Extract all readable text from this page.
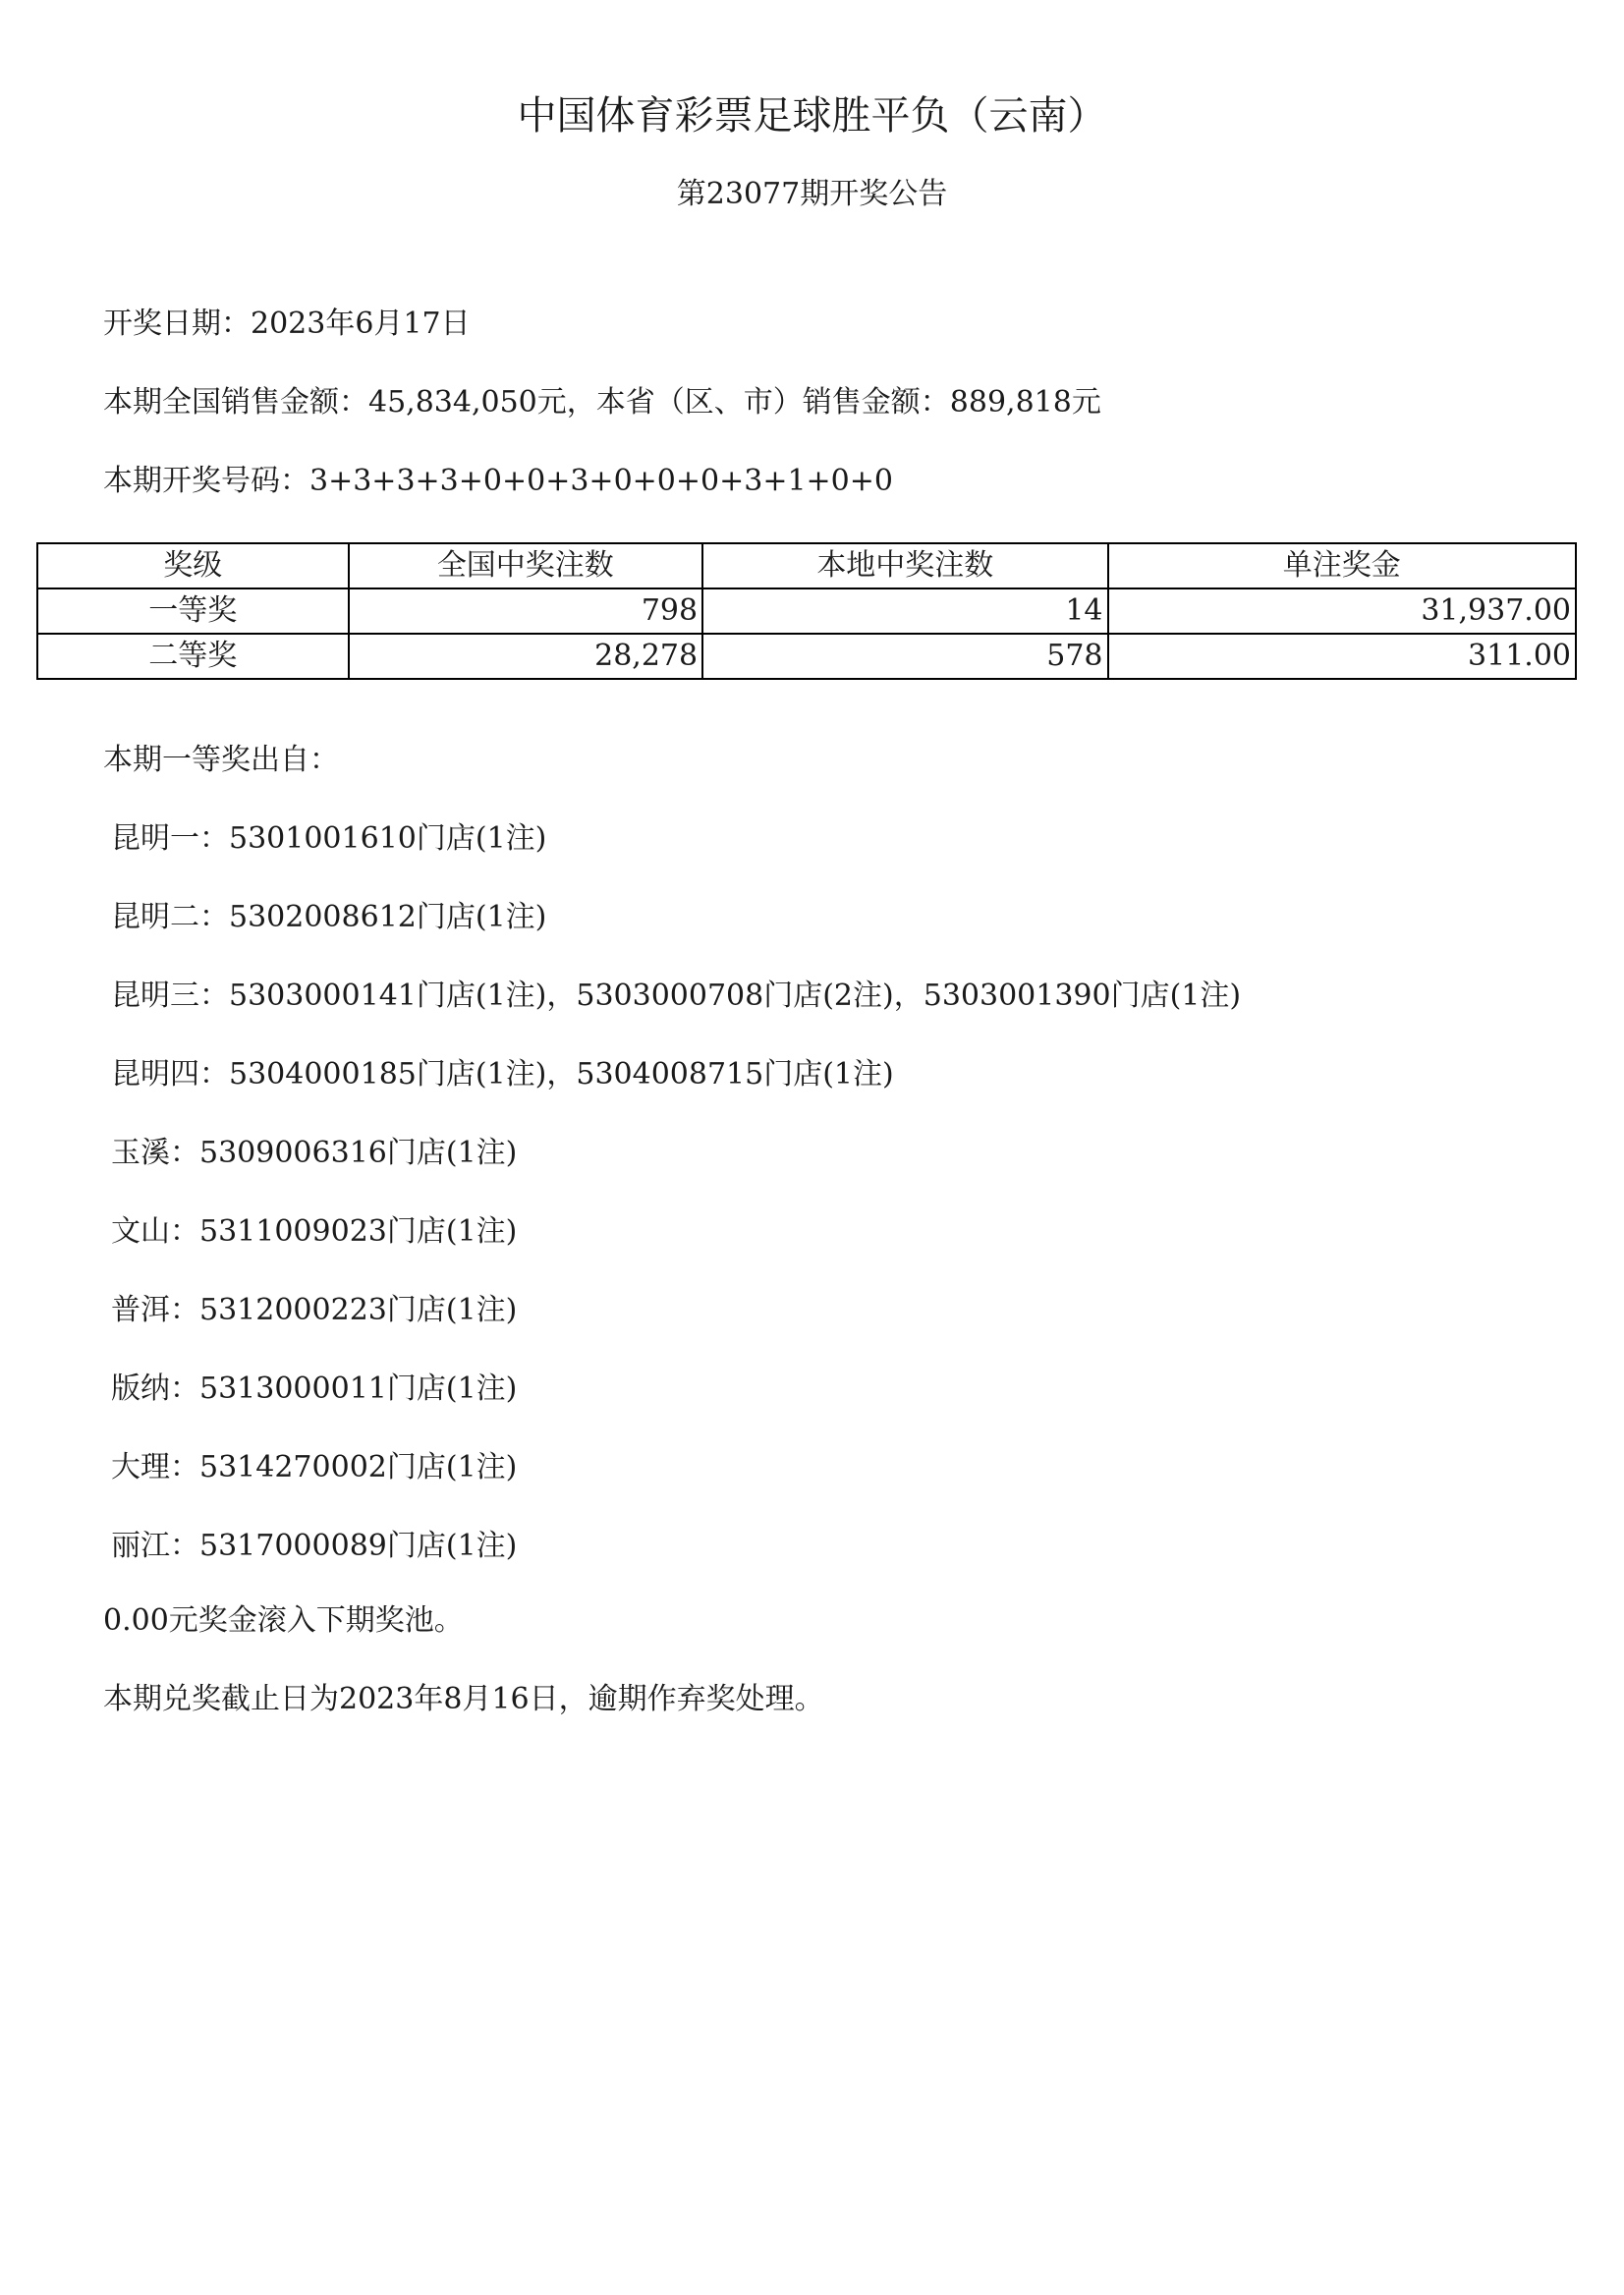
中国体育彩票足球胜平负（云南）
第23077期开奖公告
开奖日期：2023年6月17日
本期全国销售金额：45,834,050元，本省（区、市）销售金额：889,818元
本期开奖号码：3+3+3+3+0+0+3+0+0+0+3+1+0+0
奖级	全国中奖注数	本地中奖注数	单注奖金
一等奖	798	14	31,937.00
二等奖	28,278	578	311.00
本期一等奖出自：
昆明一：5301001610门店(1注)
昆明二：5302008612门店(1注)
昆明三：5303000141门店(1注)，5303000708门店(2注)，5303001390门店(1注)
昆明四：5304000185门店(1注)，5304008715门店(1注)
玉溪：5309006316门店(1注)
文山：5311009023门店(1注)
普洱：5312000223门店(1注)
版纳：5313000011门店(1注)
大理：5314270002门店(1注)
丽江：5317000089门店(1注)
0.00元奖金滚入下期奖池。
本期兑奖截止日为2023年8月16日，逾期作弃奖处理。
